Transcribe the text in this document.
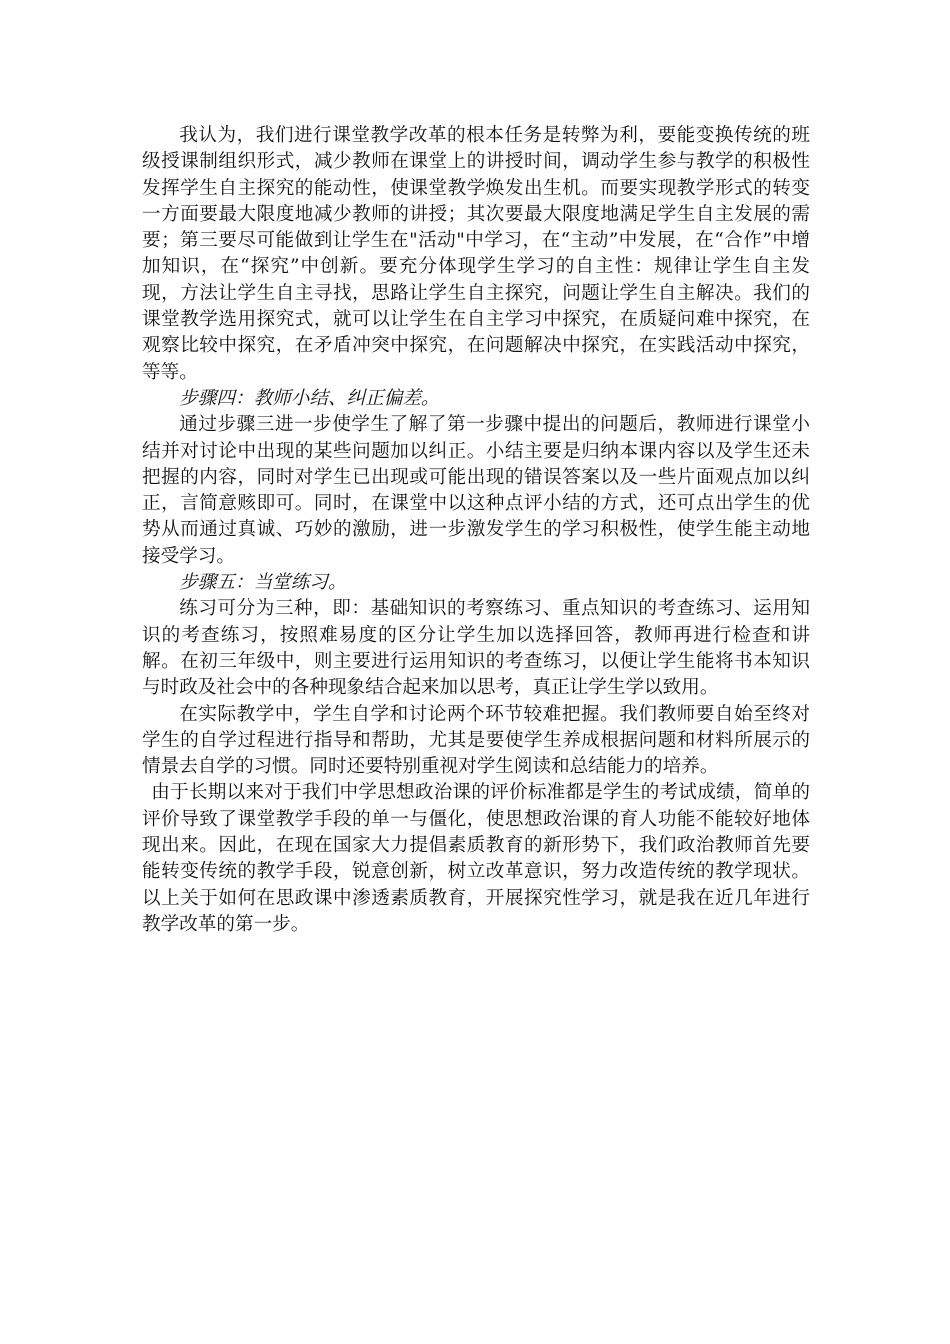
我认为，我们进行课堂教学改革的根本任务是转弊为利，要能变换传统的班级授课制组织形式，减少教师在课堂上的讲授时间，调动学生参与教学的积极性发挥学生自主探究的能动性，使课堂教学焕发出生机。而要实现教学形式的转变一方面要最大限度地减少教师的讲授；其次要最大限度地满足学生自主发展的需要；第三要尽可能做到让学生在"活动"中学习，在“主动”中发展，在“合作”中增加知识，在“探究”中创新。要充分体现学生学习的自主性：规律让学生自主发现，方法让学生自主寻找，思路让学生自主探究，问题让学生自主解决。我们的课堂教学选用探究式，就可以让学生在自主学习中探究，在质疑问难中探究，在观察比较中探究，在矛盾冲突中探究，在问题解决中探究，在实践活动中探究，等等。

步骤四：教师小结、纠正偏差。

通过步骤三进一步使学生了解了第一步骤中提出的问题后，教师进行课堂小结并对讨论中出现的某些问题加以纠正。小结主要是归纳本课内容以及学生还未把握的内容，同时对学生已出现或可能出现的错误答案以及一些片面观点加以纠正，言简意赅即可。同时，在课堂中以这种点评小结的方式，还可点出学生的优势从而通过真诚、巧妙的激励，进一步激发学生的学习积极性，使学生能主动地接受学习。

步骤五：当堂练习。

练习可分为三种，即：基础知识的考察练习、重点知识的考查练习、运用知识的考查练习，按照难易度的区分让学生加以选择回答，教师再进行检查和讲解。在初三年级中，则主要进行运用知识的考查练习，以便让学生能将书本知识与时政及社会中的各种现象结合起来加以思考，真正让学生学以致用。

在实际教学中，学生自学和讨论两个环节较难把握。我们教师要自始至终对学生的自学过程进行指导和帮助，尤其是要使学生养成根据问题和材料所展示的情景去自学的习惯。同时还要特别重视对学生阅读和总结能力的培养。

由于长期以来对于我们中学思想政治课的评价标准都是学生的考试成绩，简单的评价导致了课堂教学手段的单一与僵化，使思想政治课的育人功能不能较好地体现出来。因此，在现在国家大力提倡素质教育的新形势下，我们政治教师首先要能转变传统的教学手段，锐意创新，树立改革意识，努力改造传统的教学现状。以上关于如何在思政课中渗透素质教育，开展探究性学习，就是我在近几年进行教学改革的第一步。
